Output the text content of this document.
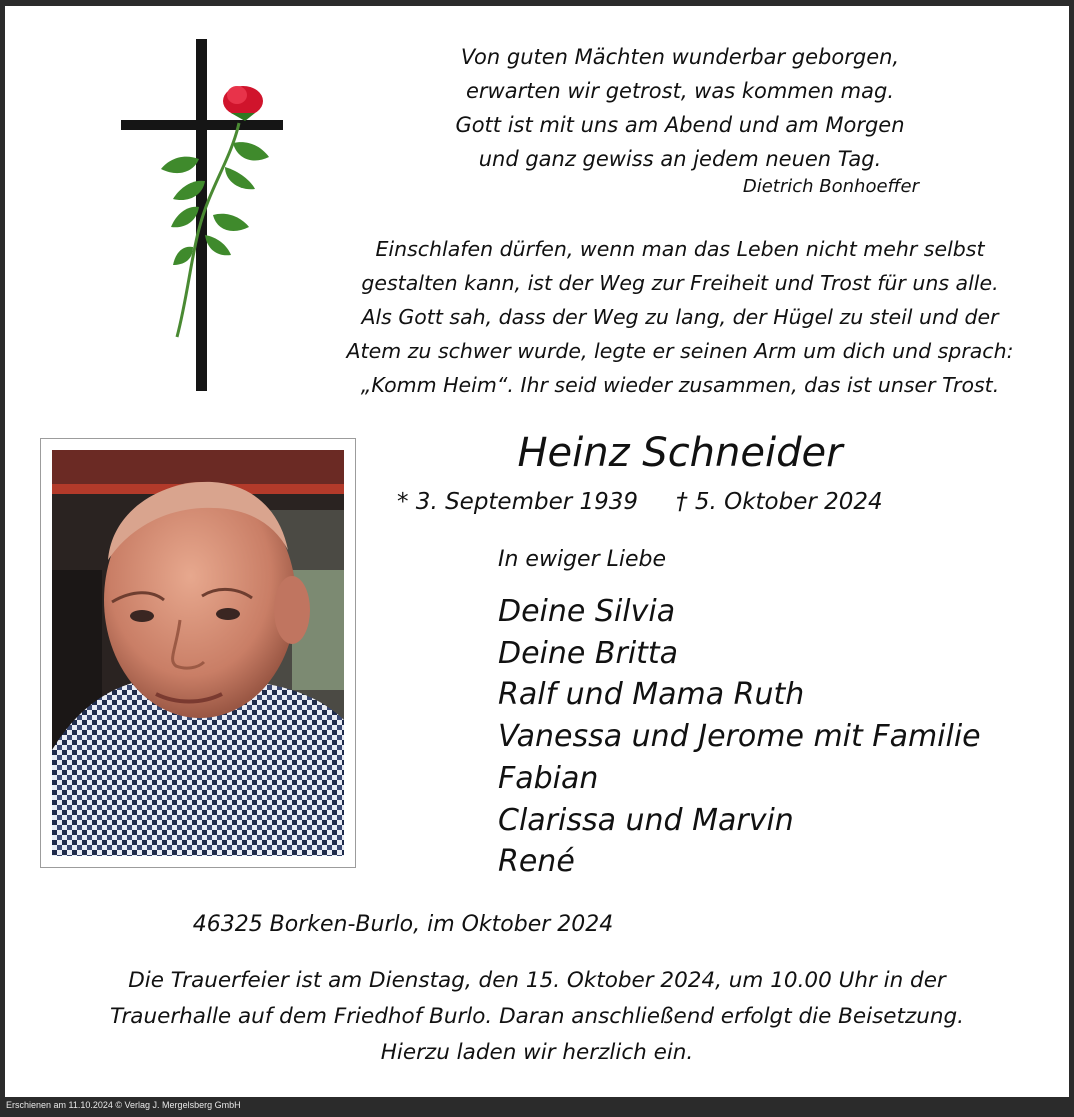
Von guten Mächten wunderbar geborgen,
erwarten wir getrost, was kommen mag.
Gott ist mit uns am Abend und am Morgen
und ganz gewiss an jedem neuen Tag.
Dietrich Bonhoeffer
Einschlafen dürfen, wenn man das Leben nicht mehr selbst
gestalten kann, ist der Weg zur Freiheit und Trost für uns alle.
Als Gott sah, dass der Weg zu lang, der Hügel zu steil und der
Atem zu schwer wurde, legte er seinen Arm um dich und sprach:
„Komm Heim“. Ihr seid wieder zusammen, das ist unser Trost.
Heinz Schneider
* 3. September 1939 † 5. Oktober 2024
In ewiger Liebe
Deine Silvia
Deine Britta
Ralf und Mama Ruth
Vanessa und Jerome mit Familie
Fabian
Clarissa und Marvin
René
46325 Borken-Burlo, im Oktober 2024
Die Trauerfeier ist am Dienstag, den 15. Oktober 2024, um 10.00 Uhr in der
Trauerhalle auf dem Friedhof Burlo. Daran anschließend erfolgt die Beisetzung.
Hierzu laden wir herzlich ein.
Erschienen am 11.10.2024 © Verlag J. Mergelsberg GmbH
